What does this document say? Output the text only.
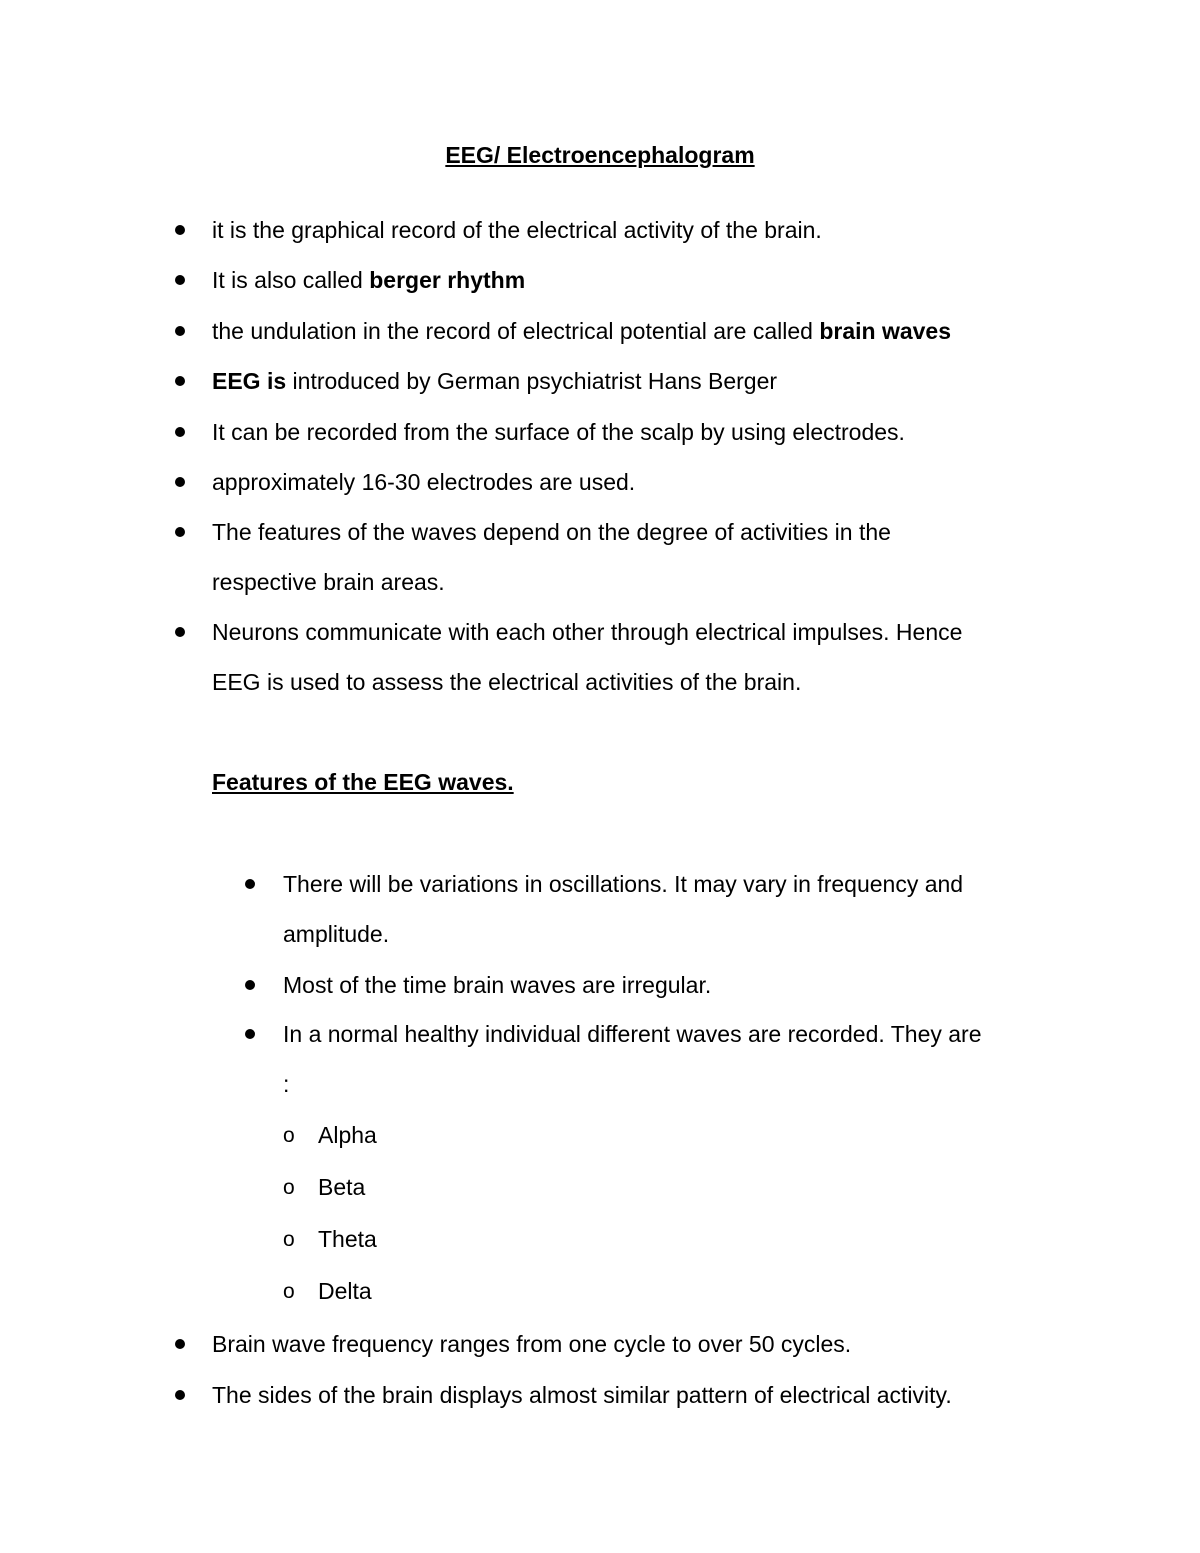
EEG/ Electroencephalogram
it is the graphical record of the electrical activity of the brain.
It is also called berger rhythm
the undulation in the record of electrical potential are called brain waves
EEG is introduced by German psychiatrist Hans Berger
It can be recorded from the surface of the scalp by using electrodes.
approximately 16-30 electrodes are used.
The features of the waves depend on the degree of activities in the
respective brain areas.
Neurons communicate with each other through electrical impulses. Hence
EEG is used to assess the electrical activities of the brain.
Features of the EEG waves.
There will be variations in oscillations. It may vary in frequency and
amplitude.
Most of the time brain waves are irregular.
In a normal healthy individual different waves are recorded. They are
:
o Alpha
o Beta
o Theta
o Delta
Brain wave frequency ranges from one cycle to over 50 cycles.
The sides of the brain displays almost similar pattern of electrical activity.
